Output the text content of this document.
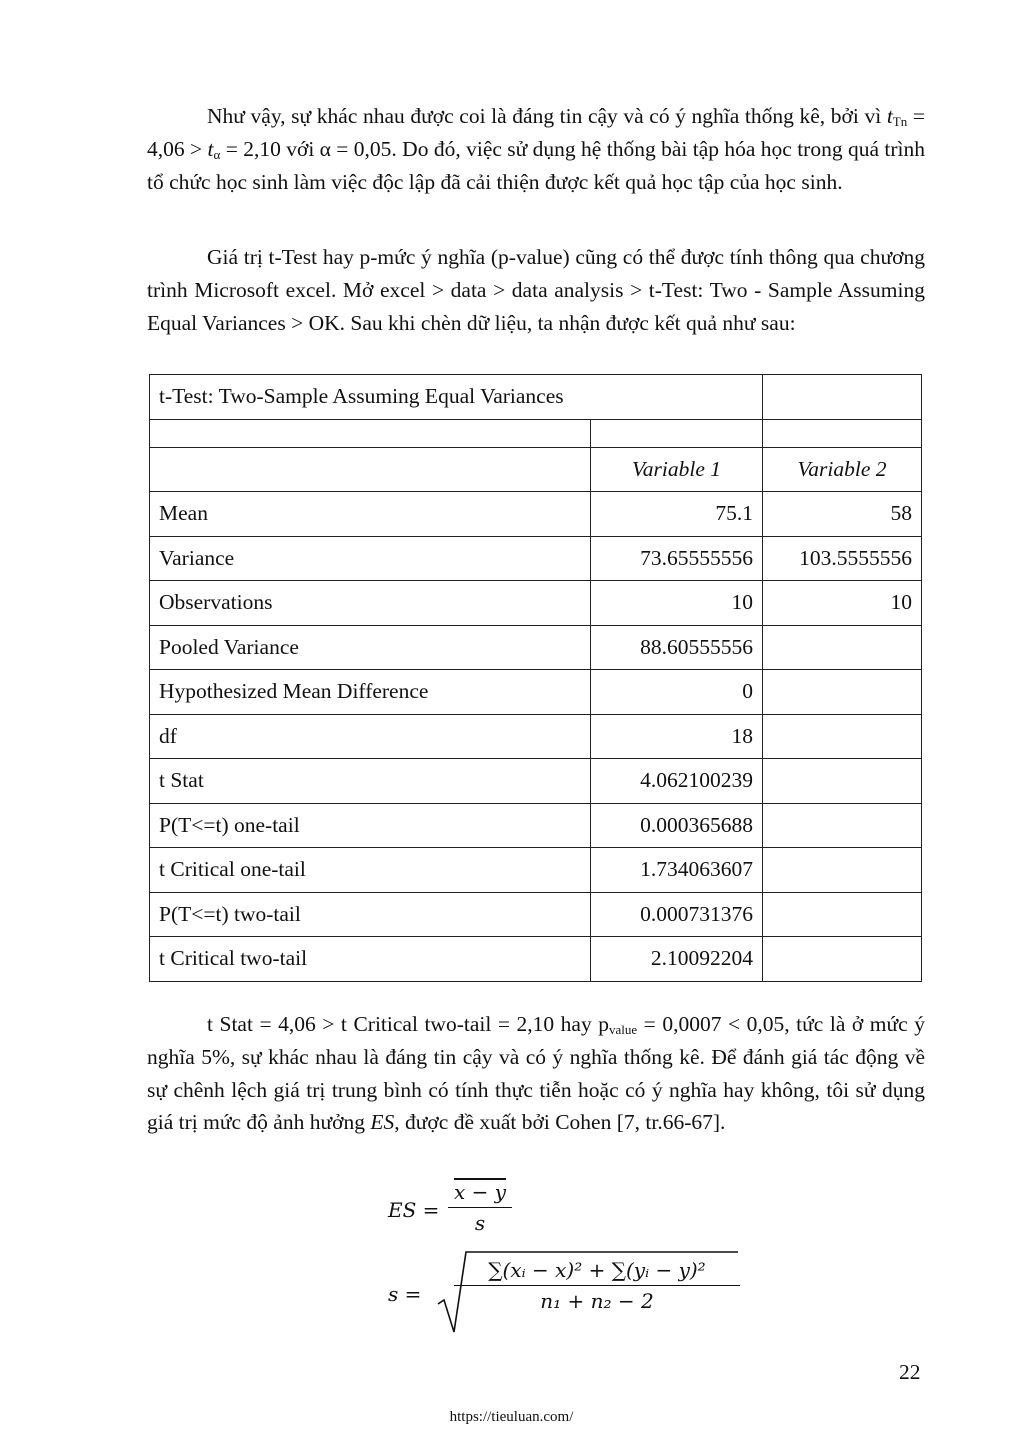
Như vậy, sự khác nhau được coi là đáng tin cậy và có ý nghĩa thống kê, bởi vì $t_{Tn} = 4,06 > t_\alpha = 2,10$ với α = 0,05. Do đó, việc sử dụng hệ thống bài tập hóa học trong quá trình tổ chức học sinh làm việc độc lập đã cải thiện được kết quả học tập của học sinh.

Giá trị t-Test hay p-mức ý nghĩa (p-value) cũng có thể được tính thông qua chương trình Microsoft excel. Mở excel > data > data analysis > t-Test: Two - Sample Assuming Equal Variances > OK. Sau khi chèn dữ liệu, ta nhận được kết quả như sau:

t-Test: Two-Sample Assuming Equal Variances		

	Variable 1	Variable 2
Mean	75.1	58
Variance	73.65555556	103.5555556
Observations	10	10
Pooled Variance	88.60555556	
Hypothesized Mean Difference	0	
df	18	
t Stat	4.062100239	
P(T<=t) one-tail	0.000365688	
t Critical one-tail	1.734063607	
P(T<=t) two-tail	0.000731376	
t Critical two-tail	2.10092204	

t Stat = 4,06 > t Critical two-tail = 2,10 hay $p_{value} = 0,0007 < 0,05$, tức là ở mức ý nghĩa 5%, sự khác nhau là đáng tin cậy và có ý nghĩa thống kê. Để đánh giá tác động về sự chênh lệch giá trị trung bình có tính thực tiễn hoặc có ý nghĩa hay không, tôi sử dụng giá trị mức độ ảnh hưởng ES, được đề xuất bởi Cohen [7, tr.66-67].

ES =
x − y
s
s =
∑(xᵢ − x)² + ∑(yᵢ − y)²
n₁ + n₂ − 2
22
https://tieuluan.com/
